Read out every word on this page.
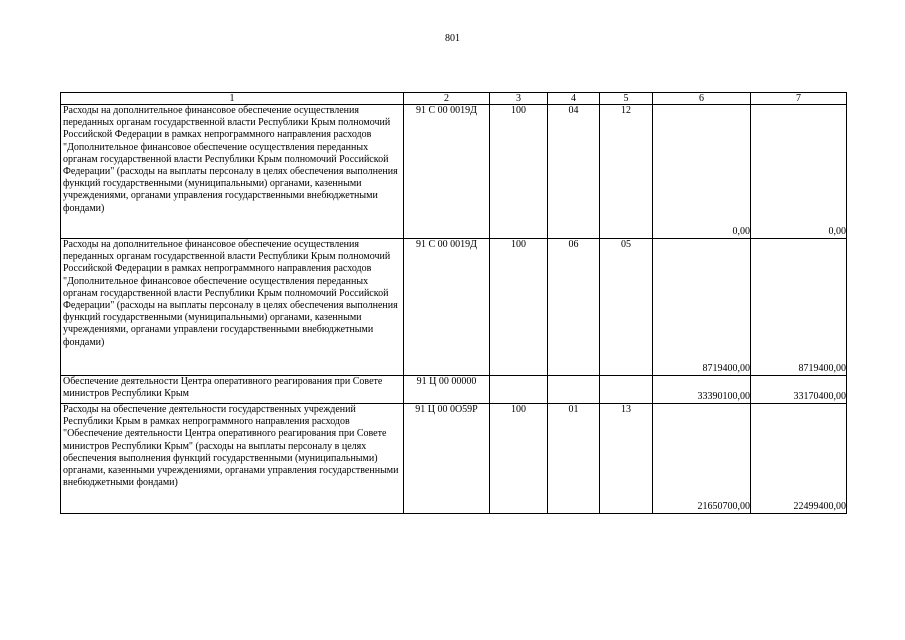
801
1	2	3	4	5	6	7
Расходы на дополнительное финансовое обеспечение осуществления переданных органам государственной власти Республики Крым полномочий Российской Федерации в рамках непрограммного направления расходов "Дополнительное финансовое обеспечение осуществления переданных органам государственной власти Республики Крым полномочий Российской Федерации" (расходы на выплаты персоналу в целях обеспечения выполнения функций государственными (муниципальными) органами, казенными учреждениями, органами управления государственными внебюджетными фондами)	91 С 00 0019Д	100	04	12	0,00	0,00
Расходы на дополнительное финансовое обеспечение осуществления переданных органам государственной власти Республики Крым полномочий Российской Федерации в рамках непрограммного направления расходов "Дополнительное финансовое обеспечение осуществления переданных органам государственной власти Республики Крым полномочий Российской Федерации" (расходы на выплаты персоналу в целях обеспечения выполнения функций государственными (муниципальными) органами, казенными учреждениями, органами управлени государственными внебюджетными фондами)	91 С 00 0019Д	100	06	05	8719400,00	8719400,00
Обеспечение деятельности Центра оперативного реагирования при Совете министров Республики Крым	91 Ц 00 00000				33390100,00	33170400,00
Расходы на обеспечение деятельности государственных учреждений Республики Крым в рамках непрограммного направления расходов "Обеспечение деятельности Центра оперативного реагирования при Совете министров Республики Крым" (расходы на выплаты персоналу в целях обеспечения выполнения функций государственными (муниципальными) органами, казенными учреждениями, органами управления государственными внебюджетными фондами)	91 Ц 00 0О59Р	100	01	13	21650700,00	22499400,00
